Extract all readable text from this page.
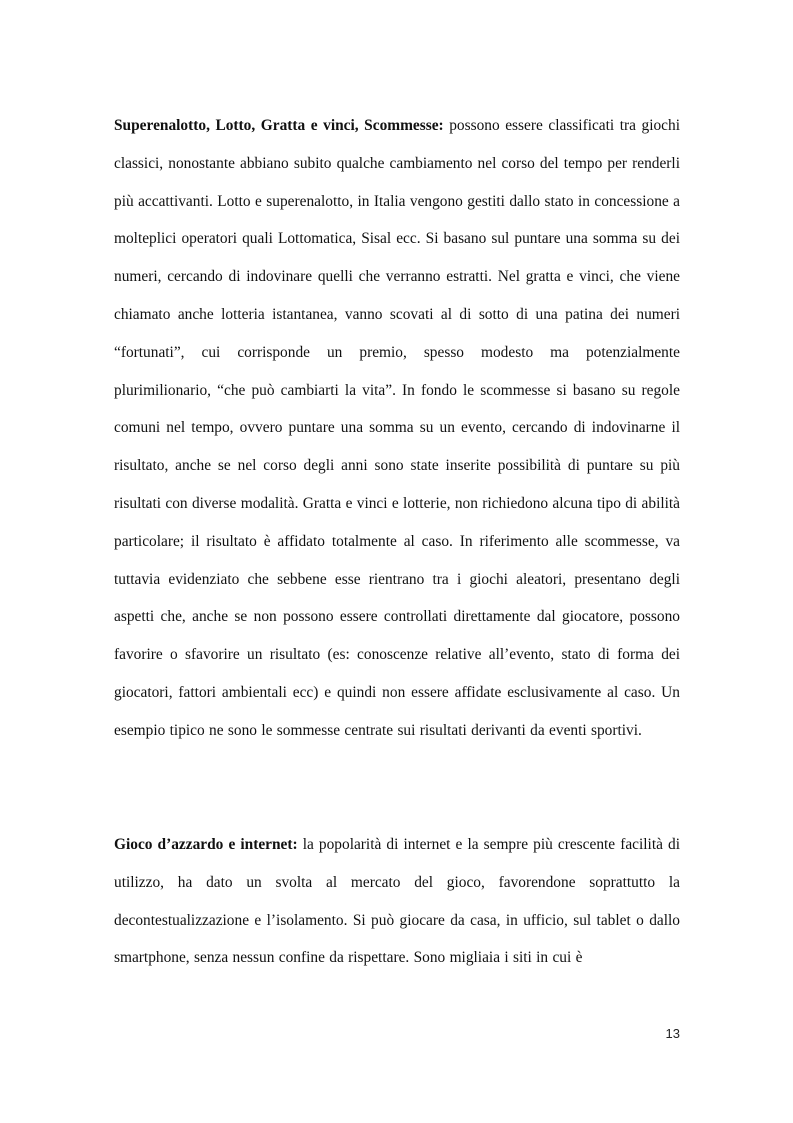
Superenalotto, Lotto, Gratta e vinci, Scommesse: possono essere classificati tra giochi classici, nonostante abbiano subito qualche cambiamento nel corso del tempo per renderli più accattivanti. Lotto e superenalotto, in Italia vengono gestiti dallo stato in concessione a molteplici operatori quali Lottomatica, Sisal ecc. Si basano sul puntare una somma su dei numeri, cercando di indovinare quelli che verranno estratti. Nel gratta e vinci, che viene chiamato anche lotteria istantanea, vanno scovati al di sotto di una patina dei numeri “fortunati”, cui corrisponde un premio, spesso modesto ma potenzialmente plurimilionario, “che può cambiarti la vita”. In fondo le scommesse si basano su regole comuni nel tempo, ovvero puntare una somma su un evento, cercando di indovinarne il risultato, anche se nel corso degli anni sono state inserite possibilità di puntare su più risultati con diverse modalità. Gratta e vinci e lotterie, non richiedono alcuna tipo di abilità particolare; il risultato è affidato totalmente al caso. In riferimento alle scommesse, va tuttavia evidenziato che sebbene esse rientrano tra i giochi aleatori, presentano degli aspetti che, anche se non possono essere controllati direttamente dal giocatore, possono favorire o sfavorire un risultato (es: conoscenze relative all’evento, stato di forma dei giocatori, fattori ambientali ecc) e quindi non essere affidate esclusivamente al caso. Un esempio tipico ne sono le sommesse centrate sui risultati derivanti da eventi sportivi.

Gioco d’azzardo e internet: la popolarità di internet e la sempre più crescente facilità di utilizzo, ha dato un svolta al mercato del gioco, favorendone soprattutto la decontestualizzazione e l’isolamento. Si può giocare da casa, in ufficio, sul tablet o dallo smartphone, senza nessun confine da rispettare. Sono migliaia i siti in cui è

13
